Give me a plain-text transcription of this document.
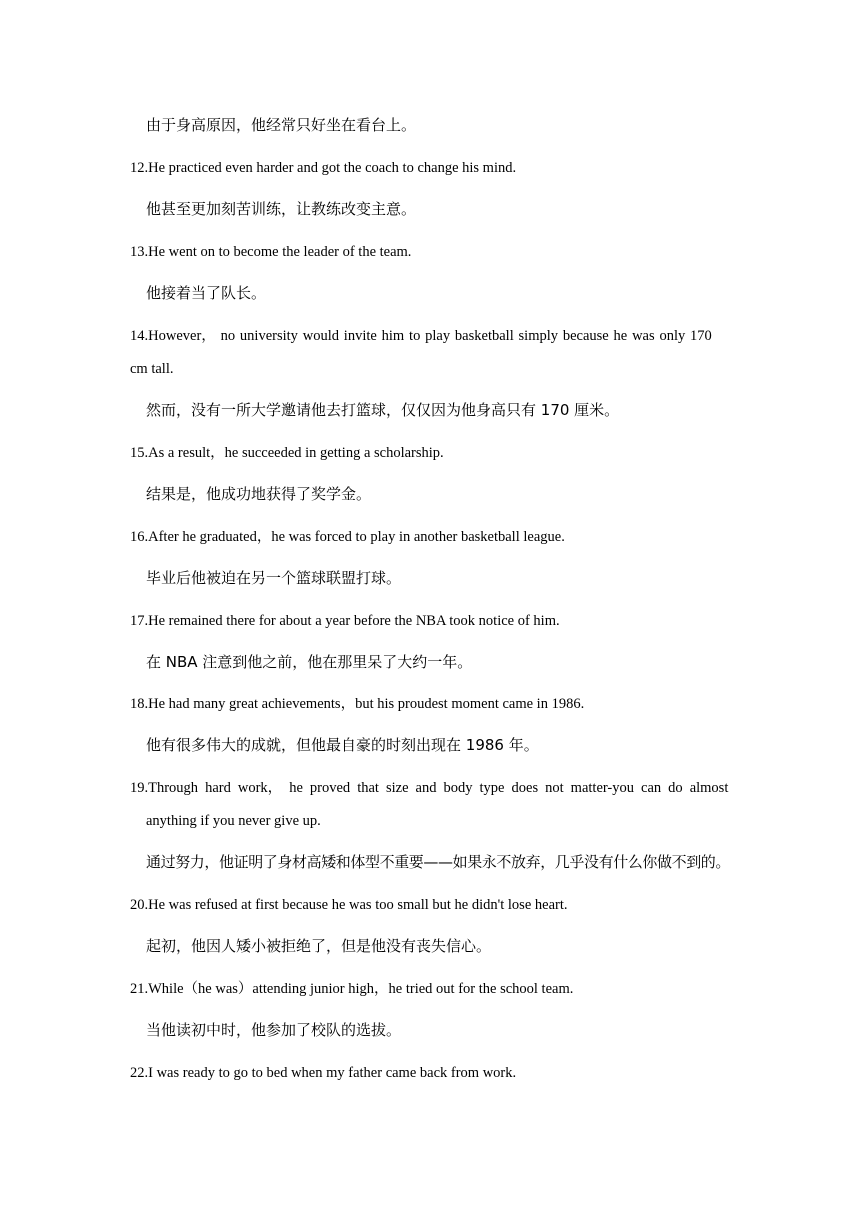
由于身高原因，他经常只好坐在看台上。
12.He practiced even harder and got the coach to change his mind.
他甚至更加刻苦训练，让教练改变主意。
13.He went on to become the leader of the team.
他接着当了队长。
14.However， no university would invite him to play basketball simply because he was only 170
cm tall.
然而，没有一所大学邀请他去打篮球，仅仅因为他身高只有 170 厘米。
15.As a result，he succeeded in getting a scholarship.
结果是，他成功地获得了奖学金。
16.After he graduated，he was forced to play in another basketball league.
毕业后他被迫在另一个篮球联盟打球。
17.He remained there for about a year before the NBA took notice of him.
在 NBA 注意到他之前，他在那里呆了大约一年。
18.He had many great achievements，but his proudest moment came in 1986.
他有很多伟大的成就，但他最自豪的时刻出现在 1986 年。
19.Through hard work， he proved that size and body type does not matter-you can do almost
anything if you never give up.
通过努力，他证明了身材高矮和体型不重要——如果永不放弃，几乎没有什么你做不到的。
20.He was refused at first because he was too small but he didn't lose heart.
起初，他因人矮小被拒绝了，但是他没有丧失信心。
21.While（he was）attending junior high，he tried out for the school team.
当他读初中时，他参加了校队的选拔。
22.I was ready to go to bed when my father came back from work.
